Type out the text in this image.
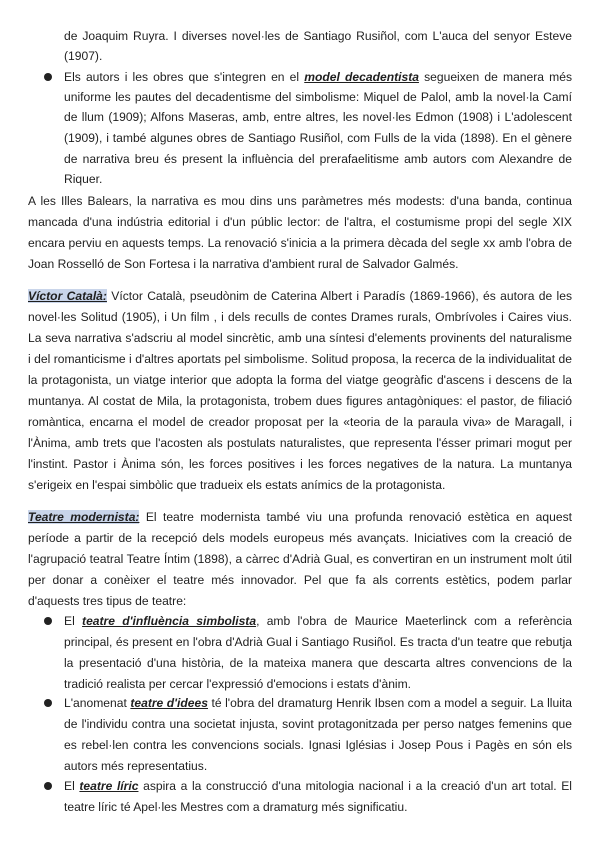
de Joaquim Ruyra. I diverses novel·les de Santiago Rusiñol, com L'auca del senyor Esteve
(1907).
Els autors i les obres que s'integren en el model decadentista segueixen de manera més
uniforme les pautes del decadentisme del simbolisme: Miquel de Palol, amb la novel·la Camí
de llum (1909); Alfons Maseras, amb, entre altres, les novel·les Edmon (1908) i L'adolescent
(1909), i també algunes obres de Santiago Rusiñol, com Fulls de la vida (1898). En el gènere
de narrativa breu és present la influència del prerafaelitisme amb autors com Alexandre de
Riquer.
A les Illes Balears, la narrativa es mou dins uns paràmetres més modests: d'una banda, continua
mancada d'una indústria editorial i d'un públic lector: de l'altra, el costumisme propi del segle XIX
encara perviu en aquests temps. La renovació s'inicia a la primera dècada del segle xx amb l'obra de
Joan Rosselló de Son Fortesa i la narrativa d'ambient rural de Salvador Galmés.
Víctor Català: Víctor Català, pseudònim de Caterina Albert i Paradís (1869-1966), és autora de les
novel·les Solitud (1905), i Un film , i dels reculls de contes Drames rurals, Ombrívoles i Caires vius.
La seva narrativa s'adscriu al model sincrètic, amb una síntesi d'elements provinents del naturalisme
i del romanticisme i d'altres aportats pel simbolisme. Solitud proposa, la recerca de la individualitat de
la protagonista, un viatge interior que adopta la forma del viatge geogràfic d'ascens i descens de la
muntanya. Al costat de Mila, la protagonista, trobem dues figures antagòniques: el pastor, de filiació
romàntica, encarna el model de creador proposat per la «teoria de la paraula viva» de Maragall, i
l'Ànima, amb trets que l'acosten als postulats naturalistes, que representa l'ésser primari mogut per
l'instint. Pastor i Ànima són, les forces positives i les forces negatives de la natura. La muntanya
s'erigeix en l'espai simbòlic que tradueix els estats anímics de la protagonista.
Teatre modernista: El teatre modernista també viu una profunda renovació estètica en aquest
període a partir de la recepció dels models europeus més avançats. Iniciatives com la creació de
l'agrupació teatral Teatre Íntim (1898), a càrrec d'Adrià Gual, es convertiran en un instrument molt útil
per donar a conèixer el teatre més innovador. Pel que fa als corrents estètics, podem parlar
d'aquests tres tipus de teatre:
El teatre d'influència simbolista, amb l'obra de Maurice Maeterlinck com a referència
principal, és present en l'obra d'Adrià Gual i Santiago Rusiñol. Es tracta d'un teatre que rebutja
la presentació d'una història, de la mateixa manera que descarta altres convencions de la
tradició realista per cercar l'expressió d'emocions i estats d'ànim.
L'anomenat teatre d'idees té l'obra del dramaturg Henrik Ibsen com a model a seguir. La lluita
de l'individu contra una societat injusta, sovint protagonitzada per perso natges femenins que
es rebel·len contra les convencions socials. Ignasi Iglésias i Josep Pous i Pagès en són els
autors més representatius.
El teatre líric aspira a la construcció d'una mitologia nacional i a la creació d'un art total. El
teatre líric té Apel·les Mestres com a dramaturg més significatiu.
